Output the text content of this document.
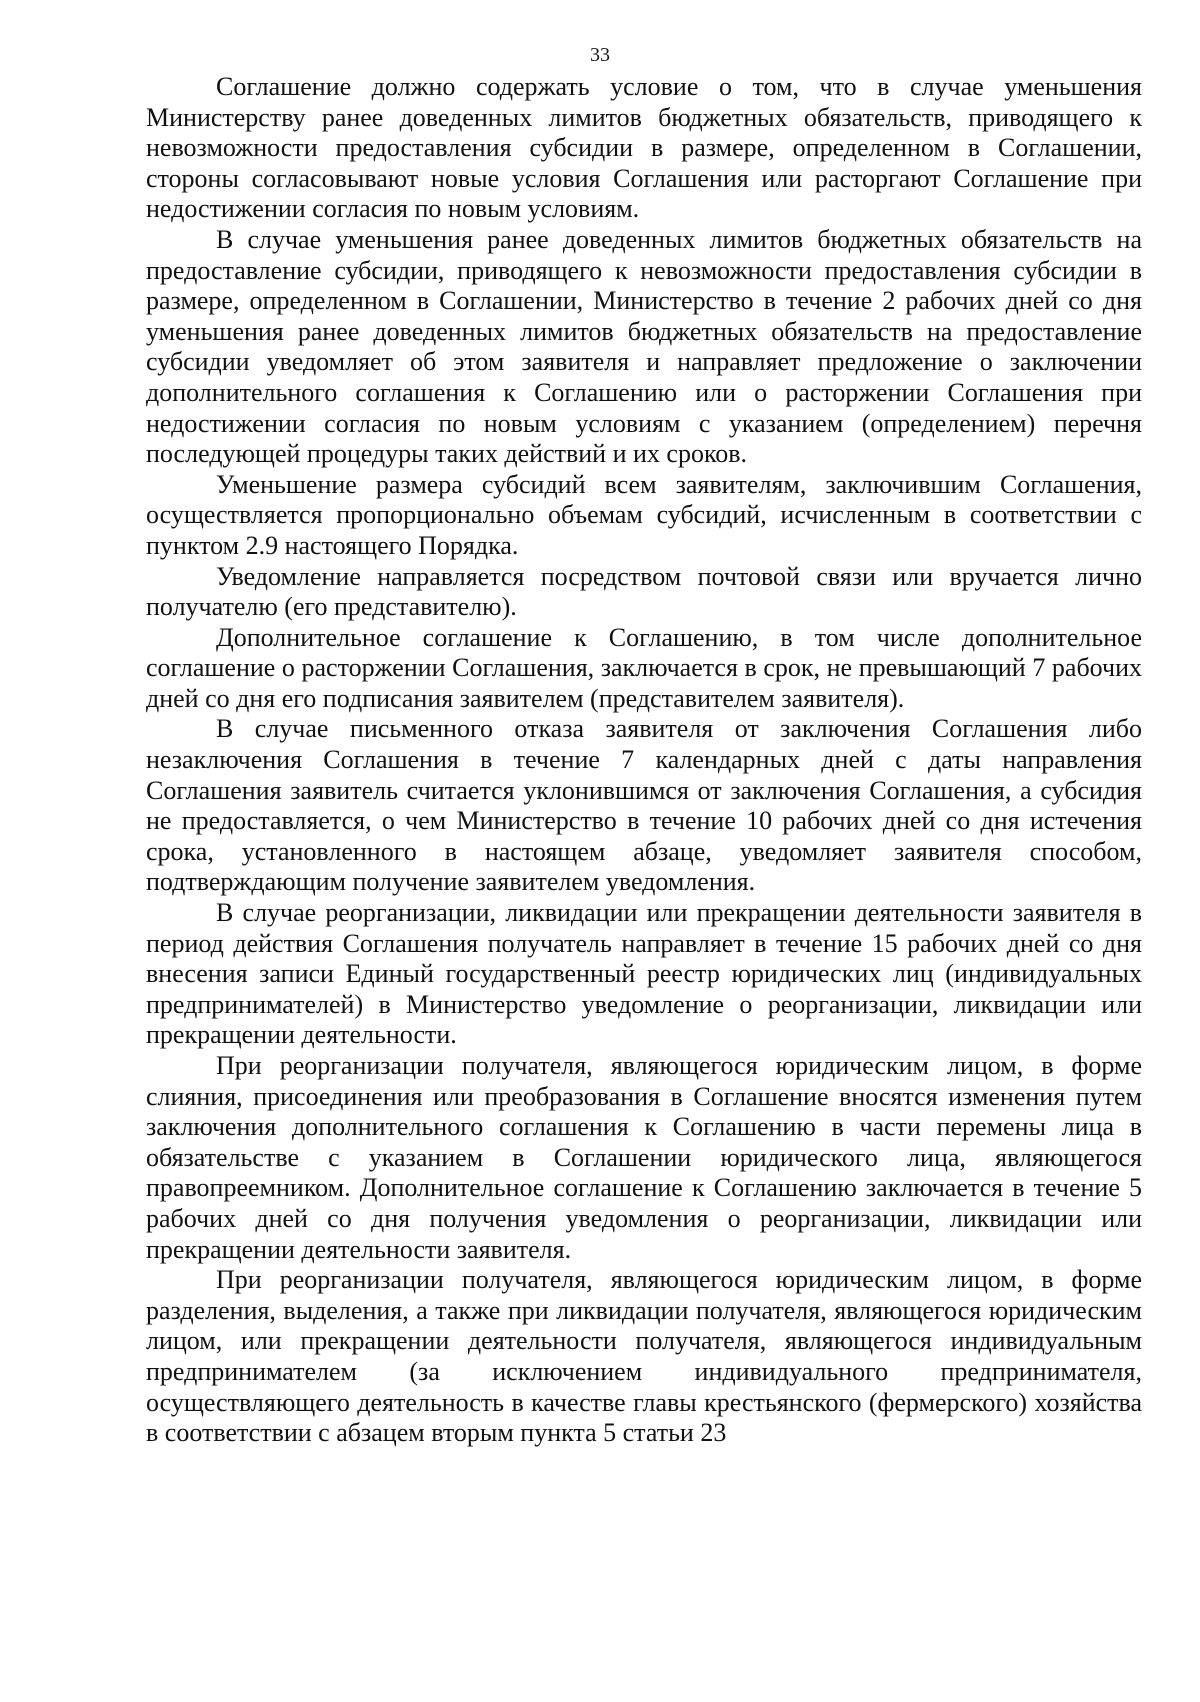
33

Соглашение должно содержать условие о том, что в случае уменьшения Министерству ранее доведенных лимитов бюджетных обязательств, приводящего к невозможности предоставления субсидии в размере, определенном в Соглашении, стороны согласовывают новые условия Соглашения или расторгают Соглашение при недостижении согласия по новым условиям.

В случае уменьшения ранее доведенных лимитов бюджетных обязательств на предоставление субсидии, приводящего к невозможности предоставления субсидии в размере, определенном в Соглашении, Министерство в течение 2 рабочих дней со дня уменьшения ранее доведенных лимитов бюджетных обязательств на предоставление субсидии уведомляет об этом заявителя и направляет предложение о заключении дополнительного соглашения к Соглашению или о расторжении Соглашения при недостижении согласия по новым условиям с указанием (определением) перечня последующей процедуры таких действий и их сроков.

Уменьшение размера субсидий всем заявителям, заключившим Соглашения, осуществляется пропорционально объемам субсидий, исчисленным в соответствии с пунктом 2.9 настоящего Порядка.

Уведомление направляется посредством почтовой связи или вручается лично получателю (его представителю).

Дополнительное соглашение к Соглашению, в том числе дополнительное соглашение о расторжении Соглашения, заключается в срок, не превышающий 7 рабочих дней со дня его подписания заявителем (представителем заявителя).

В случае письменного отказа заявителя от заключения Соглашения либо незаключения Соглашения в течение 7 календарных дней с даты направления Соглашения заявитель считается уклонившимся от заключения Соглашения, а субсидия не предоставляется, о чем Министерство в течение 10 рабочих дней со дня истечения срока, установленного в настоящем абзаце, уведомляет заявителя способом, подтверждающим получение заявителем уведомления.

В случае реорганизации, ликвидации или прекращении деятельности заявителя в период действия Соглашения получатель направляет в течение 15 рабочих дней со дня внесения записи Единый государственный реестр юридических лиц (индивидуальных предпринимателей) в Министерство уведомление о реорганизации, ликвидации или прекращении деятельности.

При реорганизации получателя, являющегося юридическим лицом, в форме слияния, присоединения или преобразования в Соглашение вносятся изменения путем заключения дополнительного соглашения к Соглашению в части перемены лица в обязательстве с указанием в Соглашении юридического лица, являющегося правопреемником. Дополнительное соглашение к Соглашению заключается в течение 5 рабочих дней со дня получения уведомления о реорганизации, ликвидации или прекращении деятельности заявителя.

При реорганизации получателя, являющегося юридическим лицом, в форме разделения, выделения, а также при ликвидации получателя, являющегося юридическим лицом, или прекращении деятельности получателя, являющегося индивидуальным предпринимателем (за исключением индивидуального предпринимателя, осуществляющего деятельность в качестве главы крестьянского (фермерского) хозяйства в соответствии с абзацем вторым пункта 5 статьи 23
